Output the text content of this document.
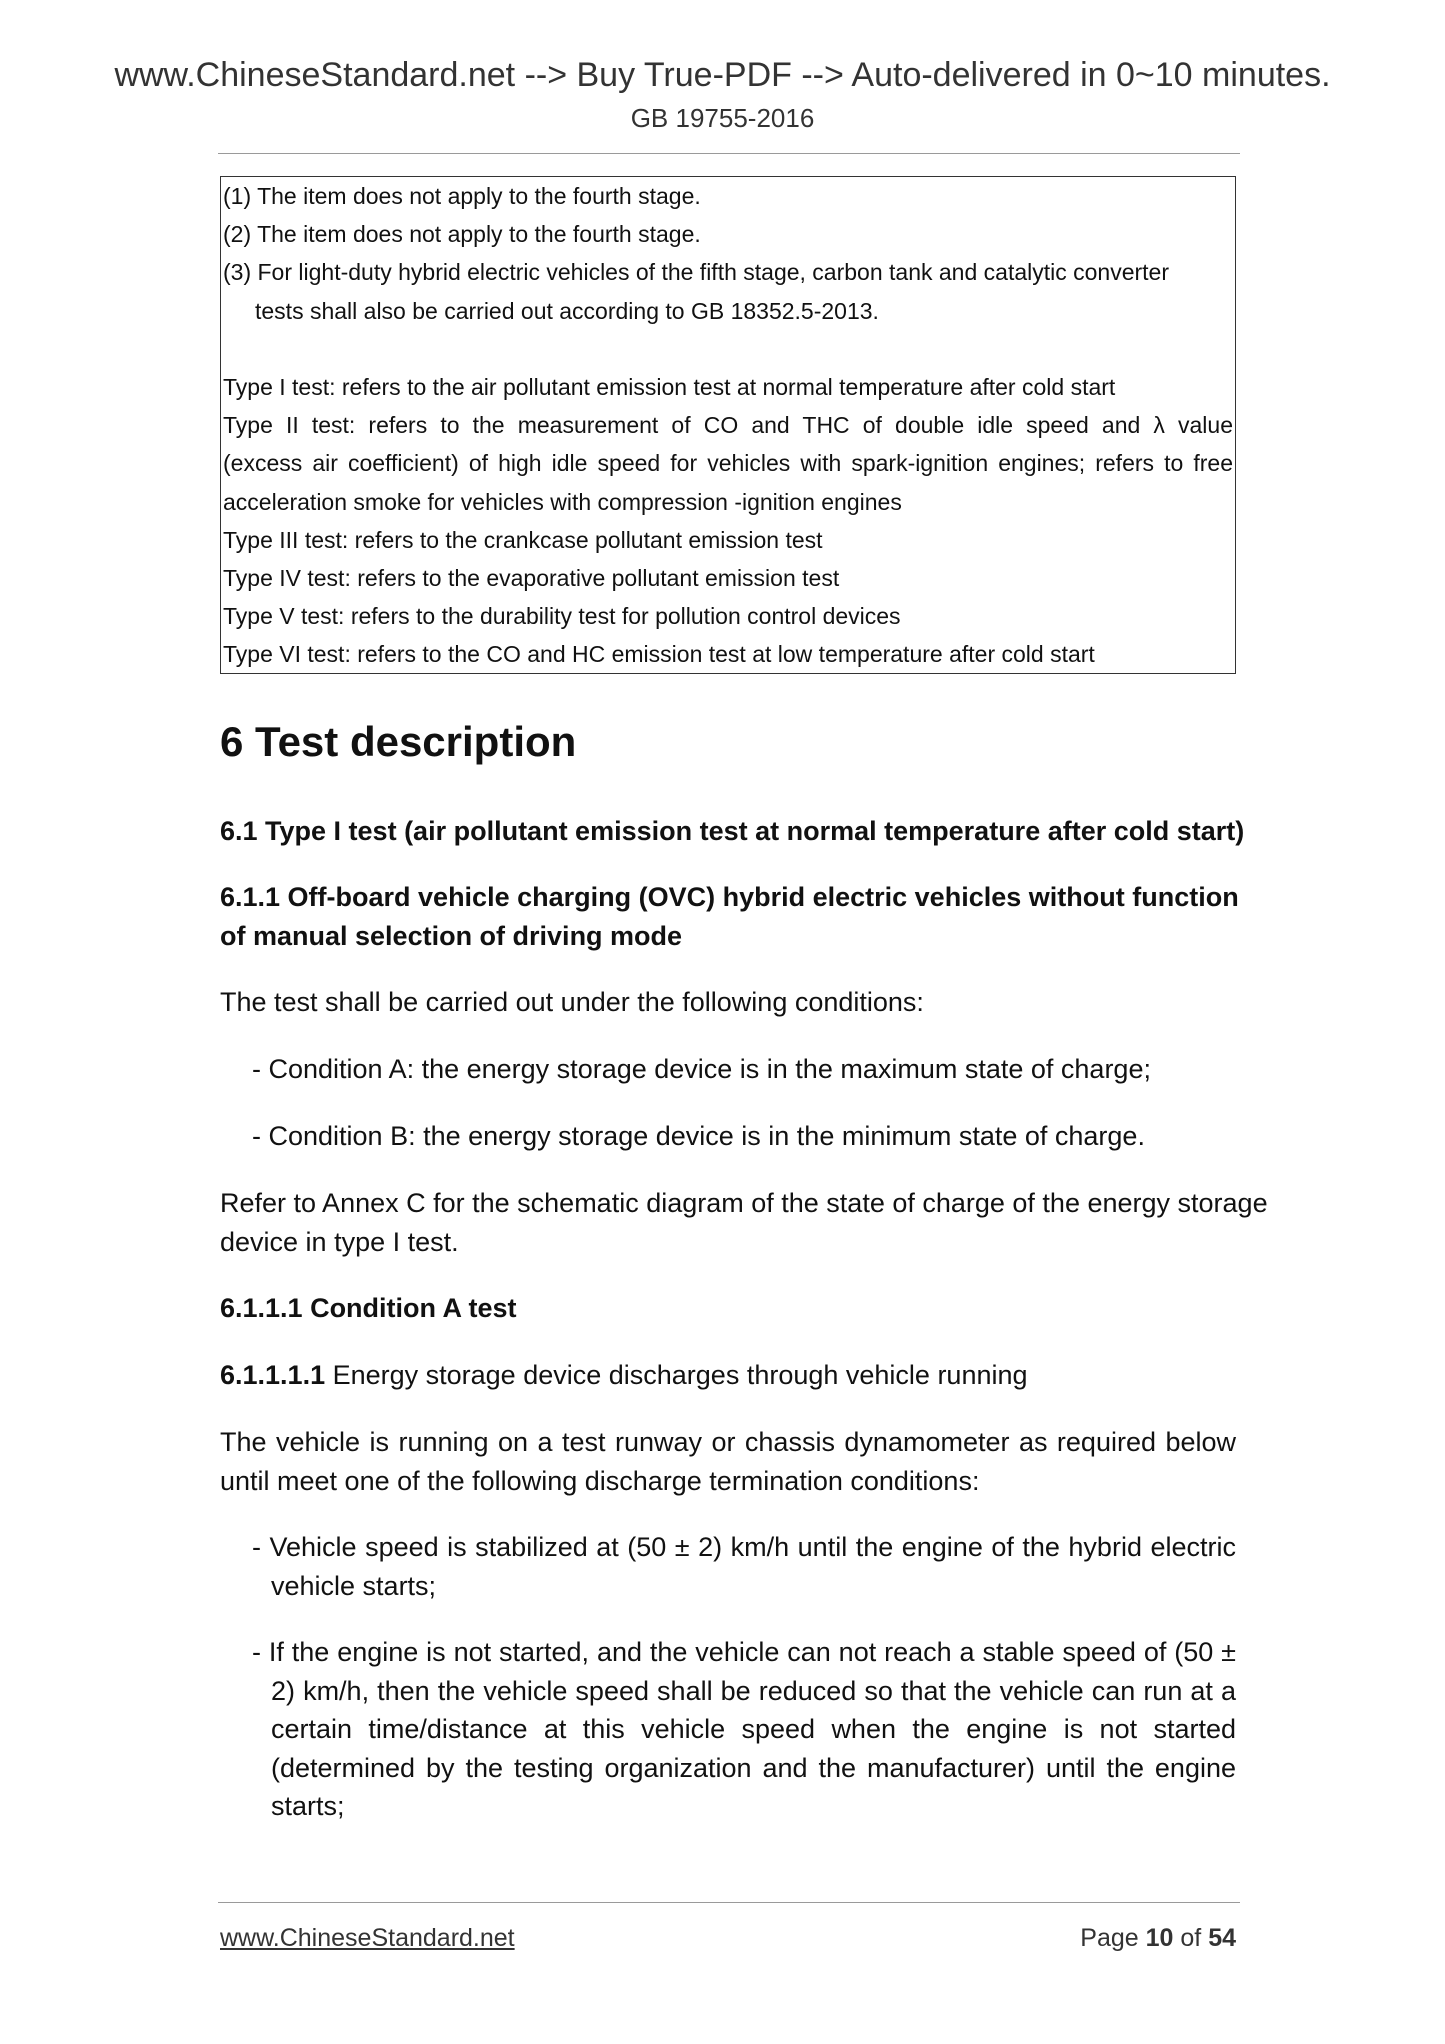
www.ChineseStandard.net --> Buy True-PDF --> Auto-delivered in 0~10 minutes.
GB 19755-2016
(1) The item does not apply to the fourth stage.
(2) The item does not apply to the fourth stage.
(3) For light-duty hybrid electric vehicles of the fifth stage, carbon tank and catalytic converter
tests shall also be carried out according to GB 18352.5-2013.
Type I test: refers to the air pollutant emission test at normal temperature after cold start
Type II test: refers to the measurement of CO and THC of double idle speed and λ value
(excess air coefficient) of high idle speed for vehicles with spark-ignition engines; refers to free
acceleration smoke for vehicles with compression -ignition engines
Type III test: refers to the crankcase pollutant emission test
Type IV test: refers to the evaporative pollutant emission test
Type V test: refers to the durability test for pollution control devices
Type VI test: refers to the CO and HC emission test at low temperature after cold start
6 Test description
6.1 Type I test (air pollutant emission test at normal temperature after cold start)
6.1.1 Off-board vehicle charging (OVC) hybrid electric vehicles without function
of manual selection of driving mode
The test shall be carried out under the following conditions:
- Condition A: the energy storage device is in the maximum state of charge;
- Condition B: the energy storage device is in the minimum state of charge.
Refer to Annex C for the schematic diagram of the state of charge of the energy storage
device in type I test.
6.1.1.1 Condition A test
6.1.1.1.1 Energy storage device discharges through vehicle running
The vehicle is running on a test runway or chassis dynamometer as required below
until meet one of the following discharge termination conditions:
- Vehicle speed is stabilized at (50 ± 2) km/h until the engine of the hybrid electric
vehicle starts;
- If the engine is not started, and the vehicle can not reach a stable speed of (50 ±
2) km/h, then the vehicle speed shall be reduced so that the vehicle can run at a
certain time/distance at this vehicle speed when the engine is not started
(determined by the testing organization and the manufacturer) until the engine
starts;
www.ChineseStandard.net	Page 10 of 54
